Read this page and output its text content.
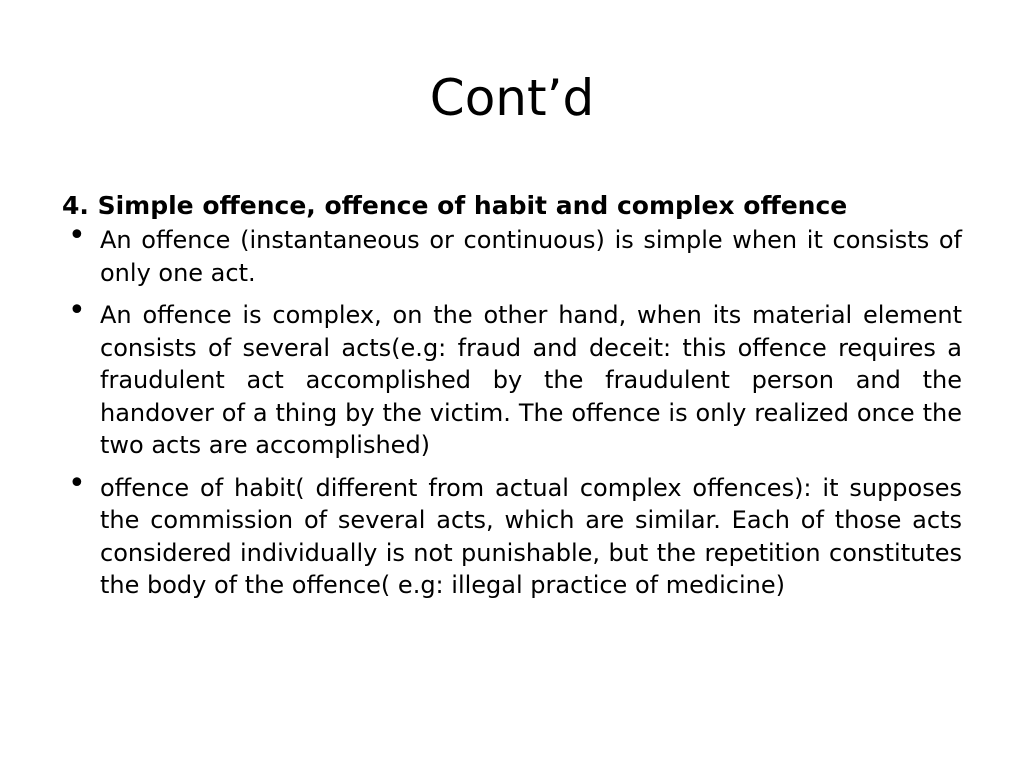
Cont’d

4. Simple offence, offence of habit and complex offence

• An offence (instantaneous or continuous) is simple when it consists of only one act.
• An offence is complex, on the other hand, when its material element consists of several acts(e.g: fraud and deceit: this offence requires a fraudulent act accomplished by the fraudulent person and the handover of a thing by the victim. The offence is only realized once the two acts are accomplished)
• offence of habit( different from actual complex offences): it supposes the commission of several acts, which are similar. Each of those acts considered individually is not punishable, but the repetition constitutes the body of the offence( e.g: illegal practice of medicine)
